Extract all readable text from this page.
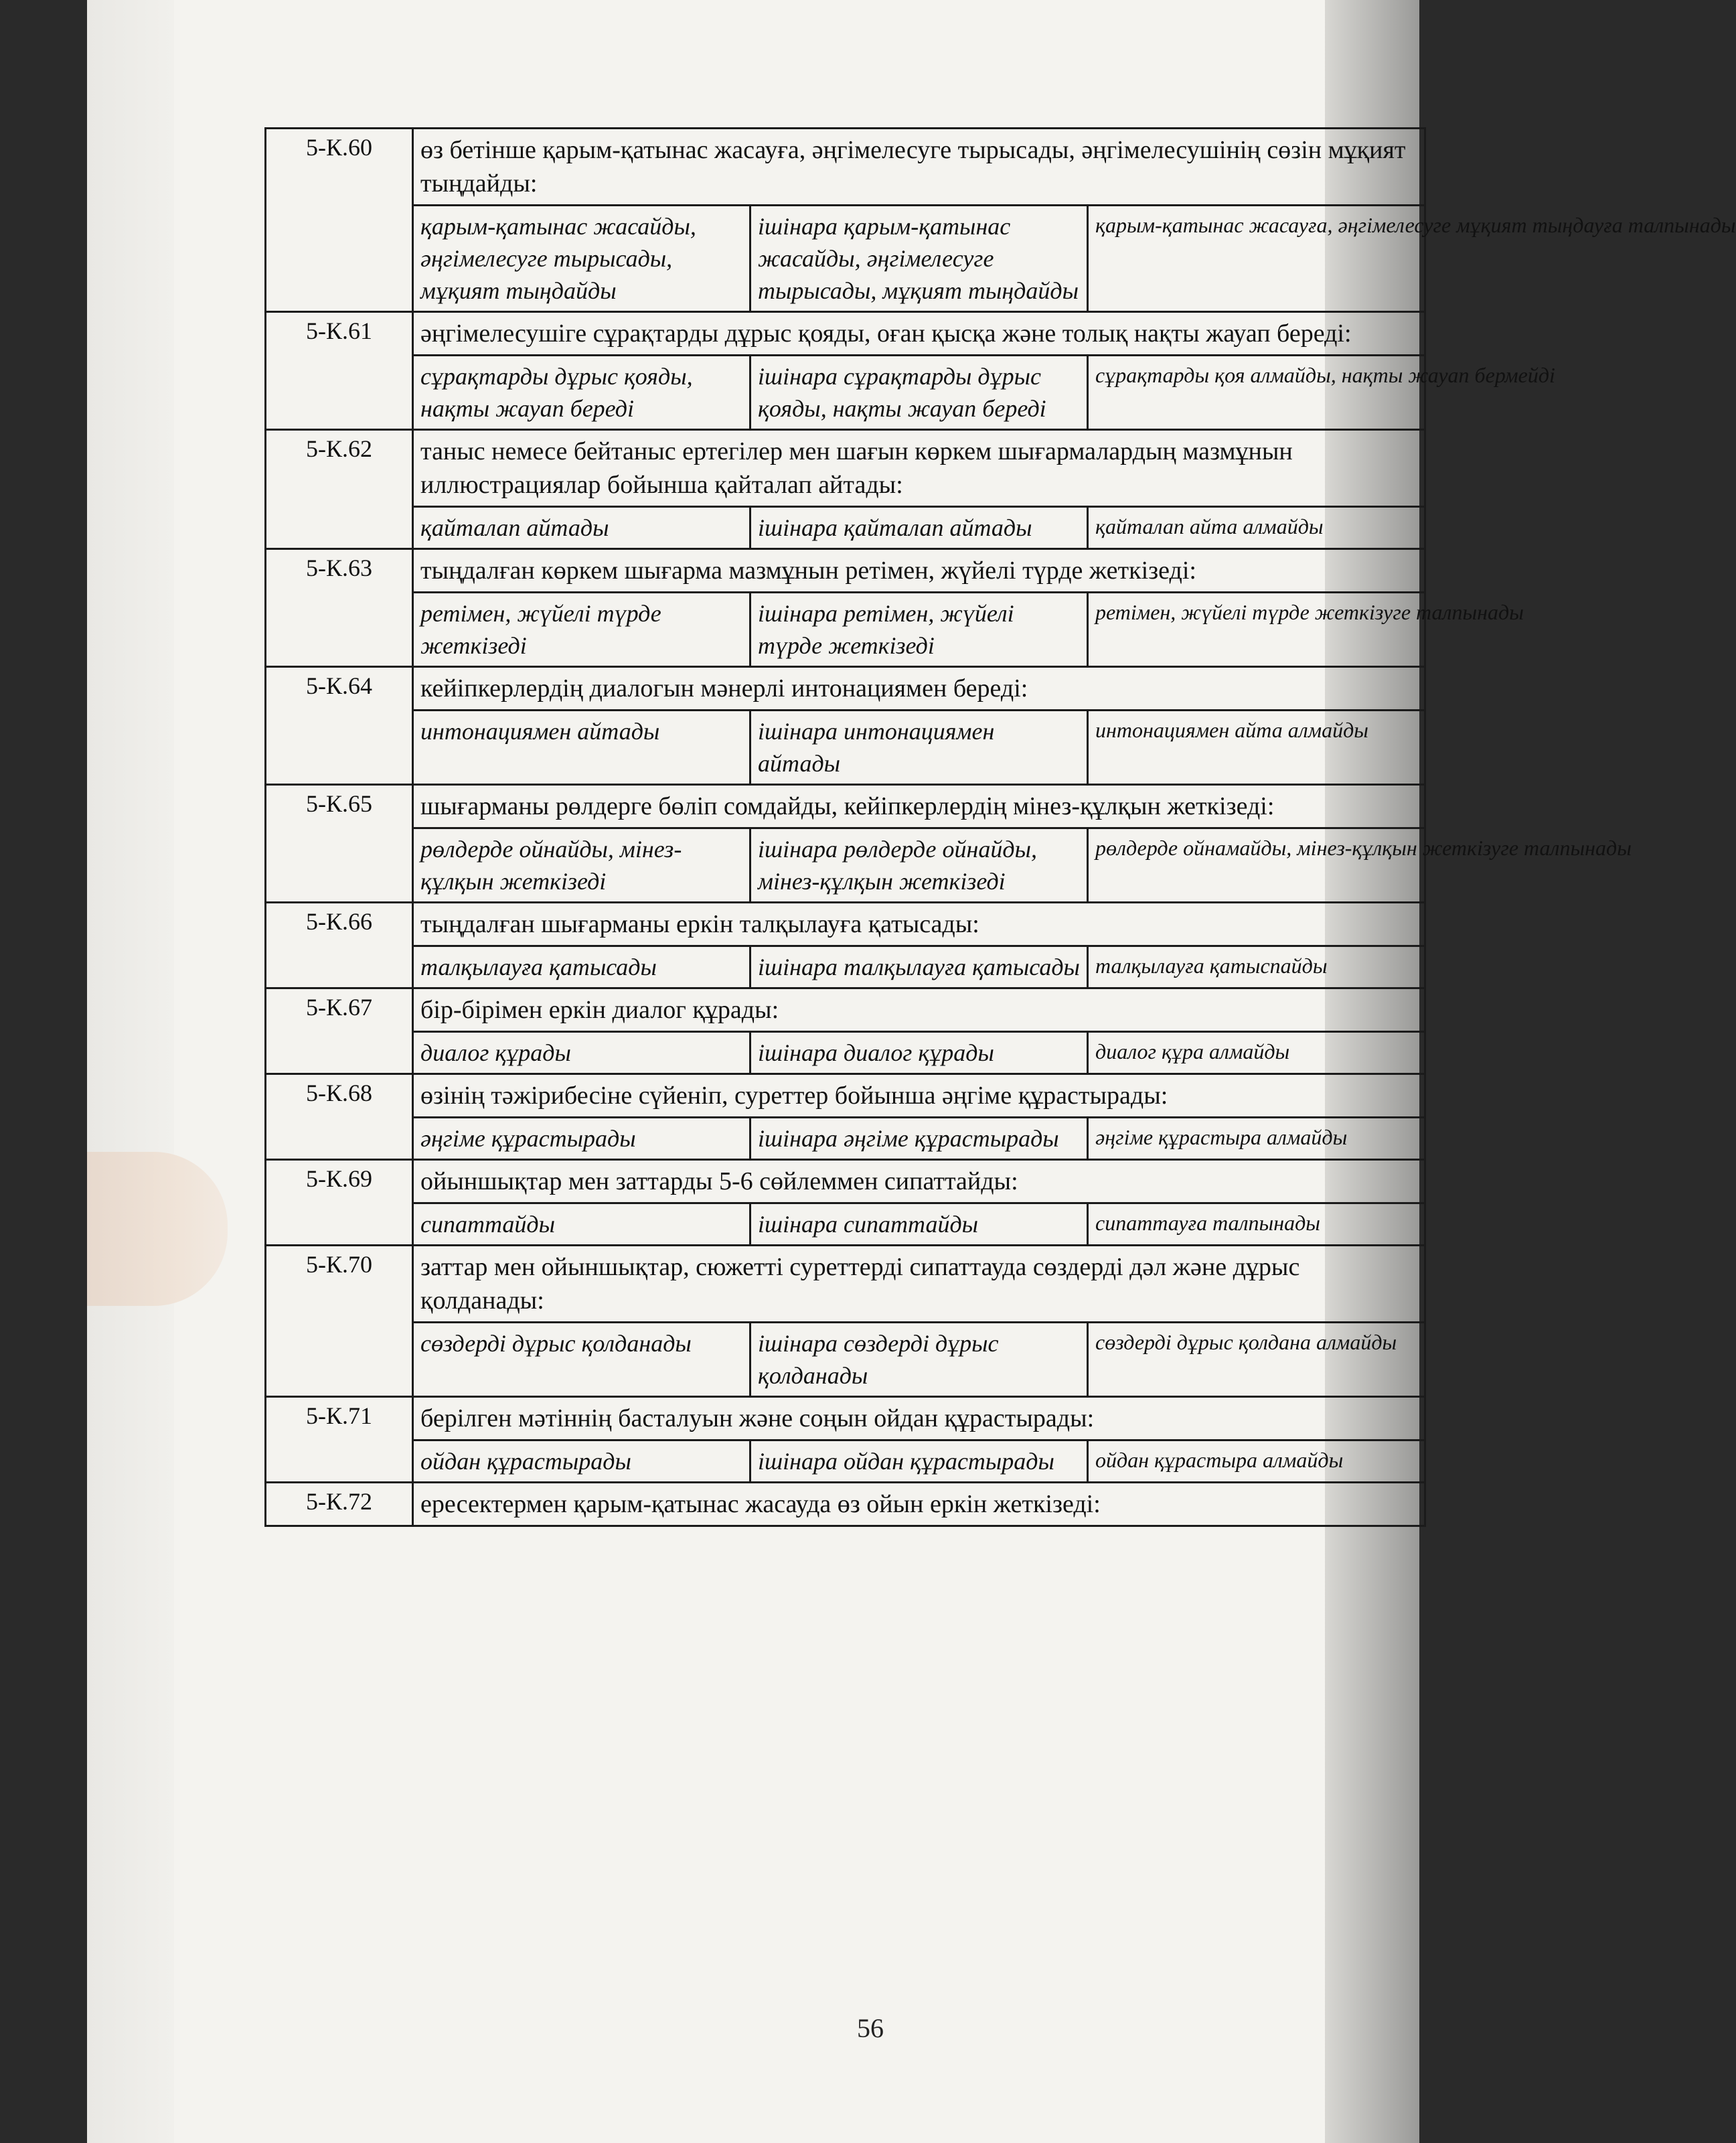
5-К.60	өз бетінше қарым-қатынас жасауға, әңгімелесуге тырысады, әңгімелесушінің сөзін мұқият тыңдайды:		
	қарым-қатынас жасайды, әңгімелесуге тырысады, мұқият тыңдайды	ішінара қарым-қатынас жасайды, әңгімелесуге тырысады, мұқият тыңдайды	қарым-қатынас жасауға, әңгімелесуге мұқият тыңдауға талпынады
5-К.61	әңгімелесушіге сұрақтарды дұрыс қояды, оған қысқа және толық нақты жауап береді:		
	сұрақтарды дұрыс қояды, нақты жауап береді	ішінара сұрақтарды дұрыс қояды, нақты жауап береді	сұрақтарды қоя алмайды, нақты жауап бермейді
5-К.62	таныс немесе бейтаныс ертегілер мен шағын көркем шығармалардың мазмұнын иллюстрациялар бойынша қайталап айтады:		
	қайталап айтады	ішінара қайталап айтады	қайталап айта алмайды
5-К.63	тыңдалған көркем шығарма мазмұнын ретімен, жүйелі түрде жеткізеді:		
	ретімен, жүйелі түрде жеткізеді	ішінара ретімен, жүйелі түрде жеткізеді	ретімен, жүйелі түрде жеткізуге талпынады
5-К.64	кейіпкерлердің диалогын мәнерлі интонациямен береді:		
	интонациямен айтады	ішінара интонациямен айтады	интонациямен айта алмайды
5-К.65	шығарманы рөлдерге бөліп сомдайды, кейіпкерлердің мінез-құлқын жеткізеді:		
	рөлдерде ойнайды, мінез-құлқын жеткізеді	ішінара рөлдерде ойнайды, мінез-құлқын жеткізеді	рөлдерде ойнамайды, мінез-құлқын жеткізуге талпынады
5-К.66	тыңдалған шығарманы еркін талқылауға қатысады:		
	талқылауға қатысады	ішінара талқылауға қатысады	талқылауға қатыспайды
5-К.67	бір-бірімен еркін диалог құрады:		
	диалог құрады	ішінара диалог құрады	диалог құра алмайды
5-К.68	өзінің тәжірибесіне сүйеніп, суреттер бойынша әңгіме құрастырады:		
	әңгіме құрастырады	ішінара әңгіме құрастырады	әңгіме құрастыра алмайды
5-К.69	ойыншықтар мен заттарды 5-6 сөйлеммен сипаттайды:		
	сипаттайды	ішінара сипаттайды	сипаттауға талпынады
5-К.70	заттар мен ойыншықтар, сюжетті суреттерді сипаттауда сөздерді дәл және дұрыс қолданады:		
	сөздерді дұрыс қолданады	ішінара сөздерді дұрыс қолданады	сөздерді дұрыс қолдана алмайды
5-К.71	берілген мәтіннің басталуын және соңын ойдан құрастырады:		
	ойдан құрастырады	ішінара ойдан құрастырады	ойдан құрастыра алмайды
5-К.72	ересектермен қарым-қатынас жасауда өз ойын еркін жеткізеді:		
56
